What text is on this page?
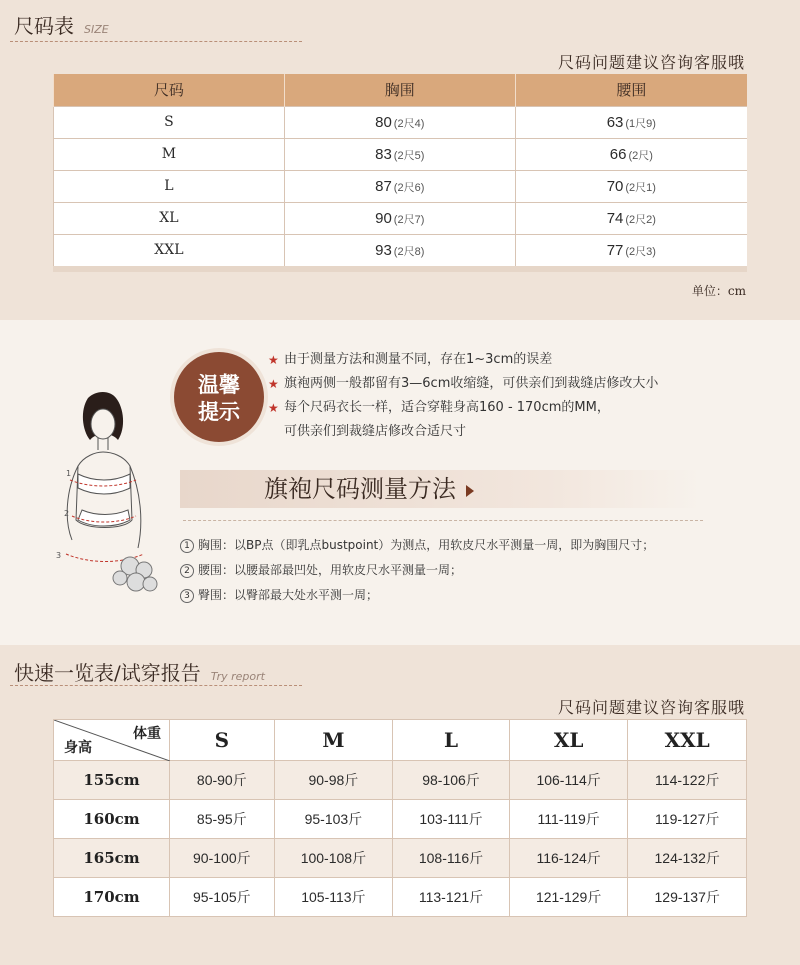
尺码表 SIZE
尺码问题建议咨询客服哦
尺码	胸围	腰围
S	80 (2尺4)	63 (1尺9)
M	83 (2尺5)	66 (2尺)
L	87 (2尺6)	70 (2尺1)
XL	90 (2尺7)	74 (2尺2)
XXL	93 (2尺8)	77 (2尺3)
单位：cm
1
2
3
温馨
提示
★ 由于测量方法和测量不同，存在1~3cm的误差
★ 旗袍两侧一般都留有3—6cm收缩缝，可供亲们到裁缝店修改大小
★ 每个尺码衣长一样，适合穿鞋身高160 - 170cm的MM，
可供亲们到裁缝店修改合适尺寸
旗袍尺码测量方法
1 胸围：以BP点（即乳点bustpoint）为测点，用软皮尺水平测量一周，即为胸围尺寸；
2 腰围：以腰最部最凹处，用软皮尺水平测量一周；
3 臀围：以臀部最大处水平测一周；
快速一览表/试穿报告 Try report
尺码问题建议咨询客服哦
体重
身高	S	M	L	XL	XXL
155cm	80-90斤	90-98斤	98-106斤	106-114斤	114-122斤
160cm	85-95斤	95-103斤	103-111斤	111-119斤	119-127斤
165cm	90-100斤	100-108斤	108-116斤	116-124斤	124-132斤
170cm	95-105斤	105-113斤	113-121斤	121-129斤	129-137斤
